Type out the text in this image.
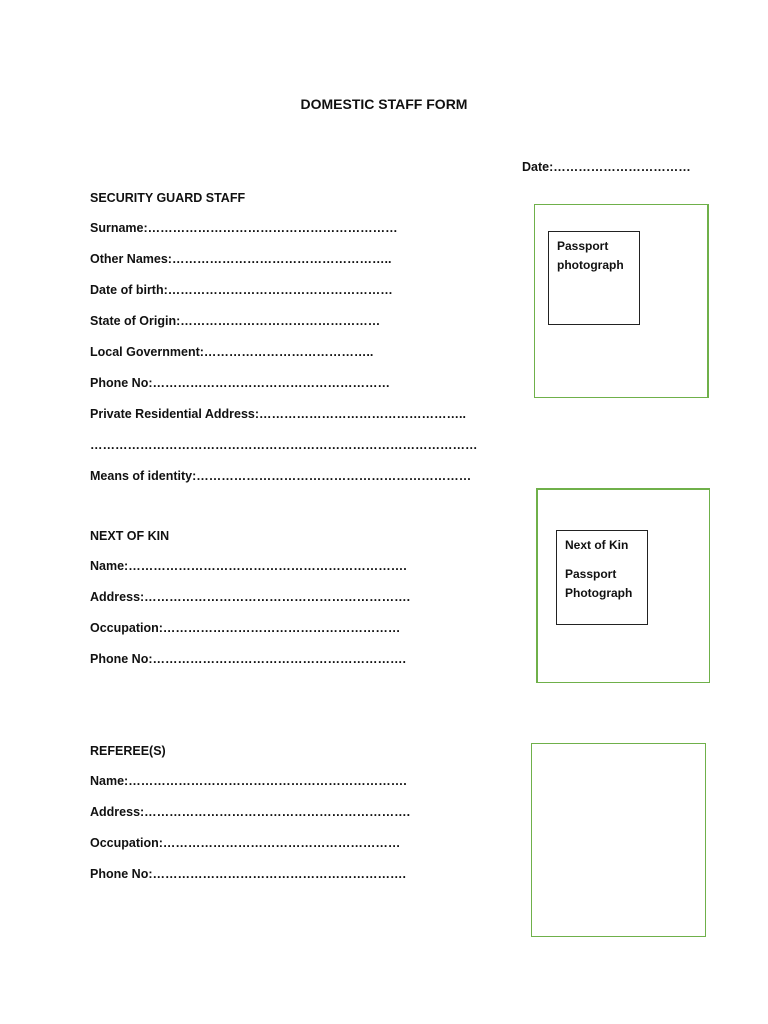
DOMESTIC STAFF FORM
Date:……………………………
SECURITY GUARD STAFF
Surname:……………………………………………………
Other Names:……………………………………………..
Date of birth:………………………………………………
State of Origin:…………………………………………
Local Government:…………………………………..
Phone No:…………………………………………………
Private Residential Address:…………………………………………..
…………………………………………………………………………………
Means of identity:…………………………………………………………
NEXT OF KIN
Name:………………………………………………………….
Address:……………………………………………………….
Occupation:…………………………………………………
Phone No:…………………………………………………….
REFEREE(S)
Name:………………………………………………………….
Address:……………………………………………………….
Occupation:…………………………………………………
Phone No:…………………………………………………….
Passport
photograph
Next of Kin
Passport
Photograph
